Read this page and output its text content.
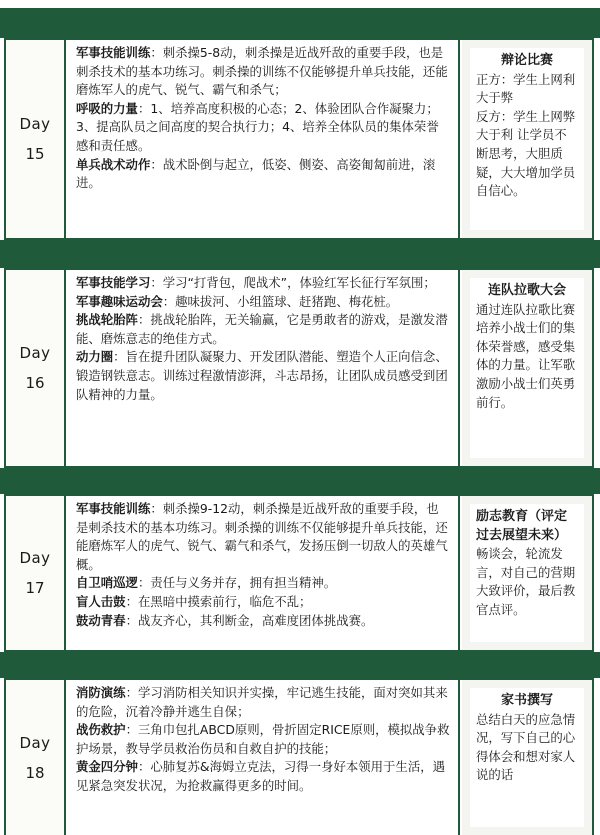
Day
15

军事技能训练：刺杀操5-8动，刺杀操是近战歼敌的重要手段，也是刺杀技术的基本功练习。刺杀操的训练不仅能够提升单兵技能，还能磨炼军人的虎气、锐气、霸气和杀气；

呼吸的力量：1、培养高度积极的心态；2、体验团队合作凝聚力；3、提高队员之间高度的契合执行力；4、培养全体队员的集体荣誉感和责任感。

单兵战术动作：战术卧倒与起立，低姿、侧姿、高姿匍匐前进，滚进。

辩论比赛
正方：学生上网利大于弊
反方：学生上网弊大于利 让学员不断思考，大胆质疑，大大增加学员自信心。
Day
16

军事技能学习：学习“打背包，爬战术”，体验红军长征行军氛围；

军事趣味运动会：趣味拔河、小组篮球、赶猪跑、梅花桩。

挑战轮胎阵：挑战轮胎阵，无关输赢，它是勇敢者的游戏，是激发潜能、磨炼意志的绝佳方式。

动力圈：旨在提升团队凝聚力、开发团队潜能、塑造个人正向信念、锻造钢铁意志。训练过程激情澎湃，斗志昂扬，让团队成员感受到团队精神的力量。

连队拉歌大会
通过连队拉歌比赛培养小战士们的集体荣誉感，感受集体的力量。让军歌激励小战士们英勇前行。
Day
17

军事技能训练：刺杀操9-12动，刺杀操是近战歼敌的重要手段，也是刺杀技术的基本功练习。刺杀操的训练不仅能够提升单兵技能，还能磨炼军人的虎气、锐气、霸气和杀气，发扬压倒一切敌人的英雄气概。

自卫哨巡逻：责任与义务并存，拥有担当精神。

盲人击鼓：在黑暗中摸索前行，临危不乱；

鼓动青春：战友齐心，其利断金，高难度团体挑战赛。

励志教育（评定过去展望未来）
畅谈会，轮流发言，对自己的营期大致评价，最后教官点评。
Day
18

消防演练：学习消防相关知识并实操，牢记逃生技能，面对突如其来的危险，沉着冷静并逃生自保；

战伤救护：三角巾包扎ABCD原则，骨折固定RICE原则，模拟战争救护场景，教导学员救治伤员和自救自护的技能；

黄金四分钟：心肺复苏&海姆立克法，习得一身好本领用于生活，遇见紧急突发状况，为抢救赢得更多的时间。

家书撰写
总结白天的应急情况，写下自己的心得体会和想对家人说的话
